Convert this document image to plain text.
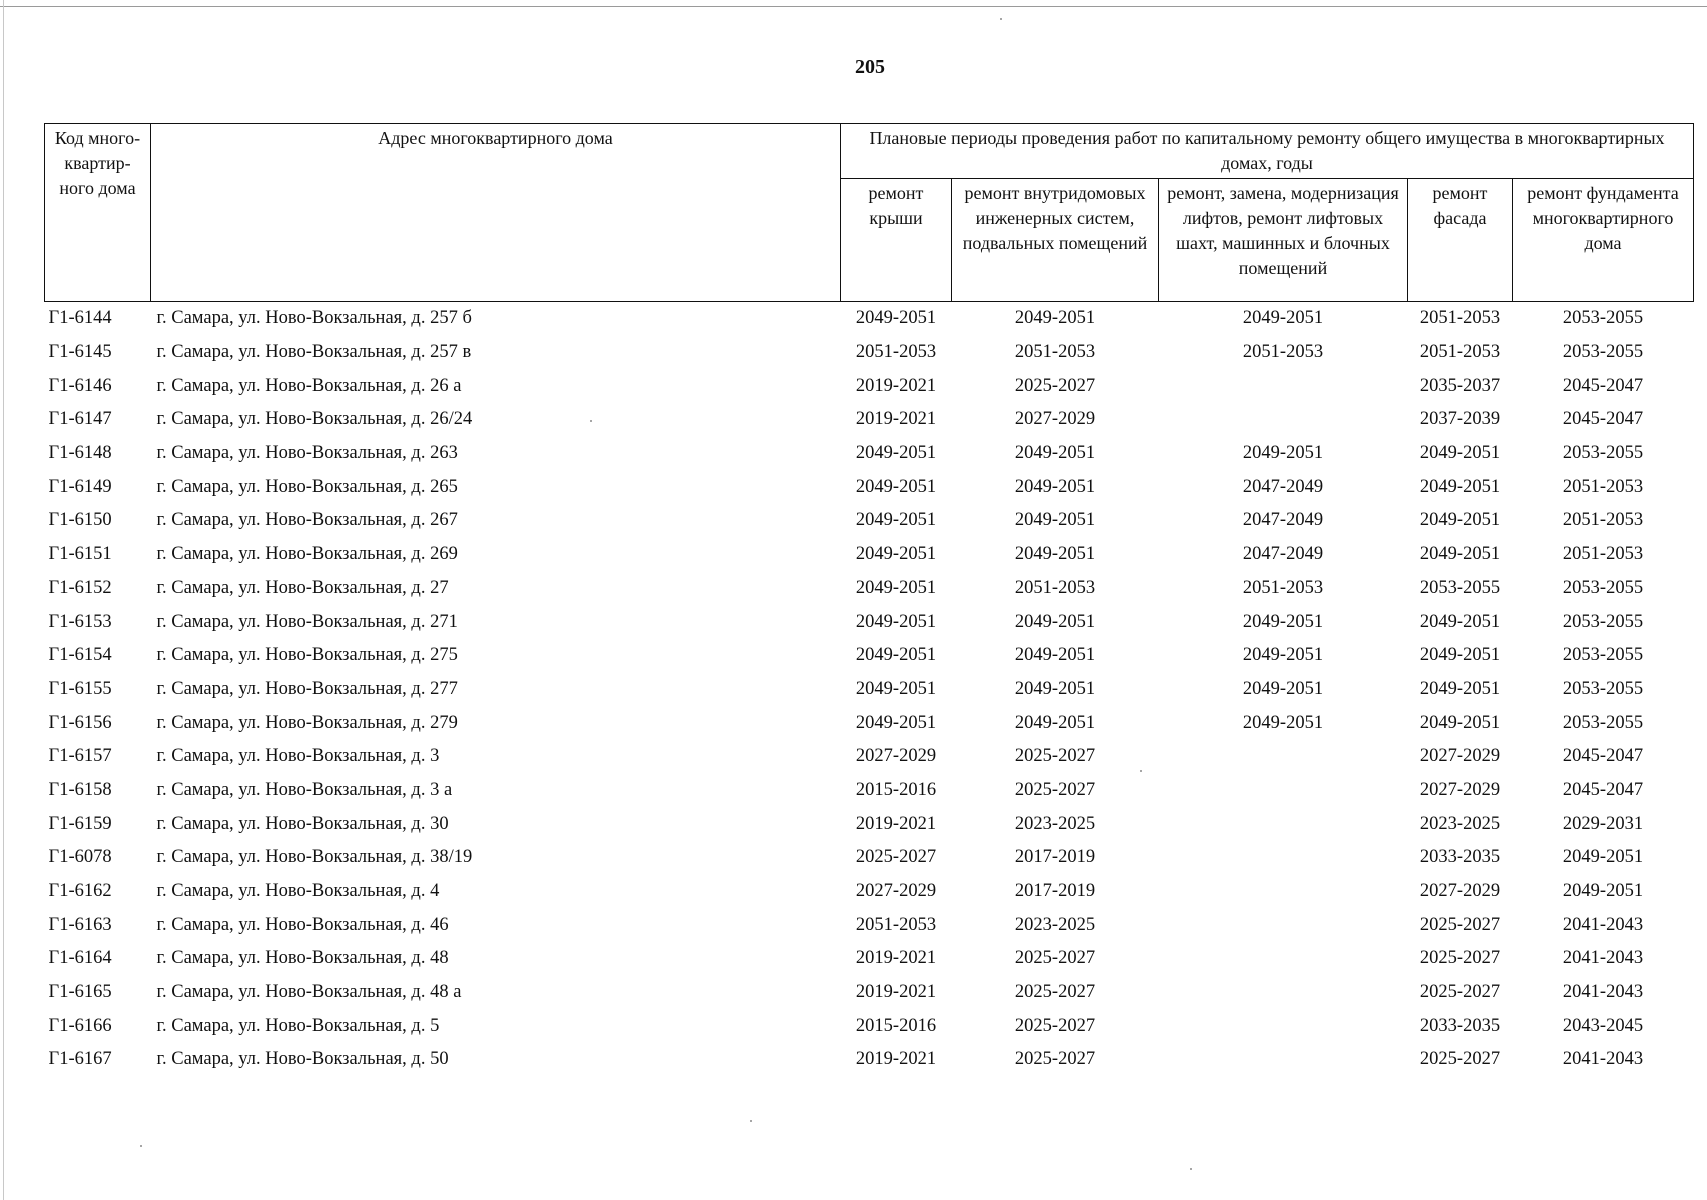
205
Код много-квартир-ного дома	Адрес многоквартирного дома	Плановые периоды проведения работ по капитальному ремонту общего имущества в многоквартирных домах, годы				
		ремонт крыши	ремонт внутридомовых инженерных систем, подвальных помещений	ремонт, замена, модернизация лифтов, ремонт лифтовых шахт, машинных и блочных помещений	ремонт фасада	ремонт фундамента многоквартирного дома
Г1-6144	г. Самара, ул. Ново-Вокзальная, д. 257 б	2049-2051	2049-2051	2049-2051	2051-2053	2053-2055
Г1-6145	г. Самара, ул. Ново-Вокзальная, д. 257 в	2051-2053	2051-2053	2051-2053	2051-2053	2053-2055
Г1-6146	г. Самара, ул. Ново-Вокзальная, д. 26 а	2019-2021	2025-2027		2035-2037	2045-2047
Г1-6147	г. Самара, ул. Ново-Вокзальная, д. 26/24	2019-2021	2027-2029		2037-2039	2045-2047
Г1-6148	г. Самара, ул. Ново-Вокзальная, д. 263	2049-2051	2049-2051	2049-2051	2049-2051	2053-2055
Г1-6149	г. Самара, ул. Ново-Вокзальная, д. 265	2049-2051	2049-2051	2047-2049	2049-2051	2051-2053
Г1-6150	г. Самара, ул. Ново-Вокзальная, д. 267	2049-2051	2049-2051	2047-2049	2049-2051	2051-2053
Г1-6151	г. Самара, ул. Ново-Вокзальная, д. 269	2049-2051	2049-2051	2047-2049	2049-2051	2051-2053
Г1-6152	г. Самара, ул. Ново-Вокзальная, д. 27	2049-2051	2051-2053	2051-2053	2053-2055	2053-2055
Г1-6153	г. Самара, ул. Ново-Вокзальная, д. 271	2049-2051	2049-2051	2049-2051	2049-2051	2053-2055
Г1-6154	г. Самара, ул. Ново-Вокзальная, д. 275	2049-2051	2049-2051	2049-2051	2049-2051	2053-2055
Г1-6155	г. Самара, ул. Ново-Вокзальная, д. 277	2049-2051	2049-2051	2049-2051	2049-2051	2053-2055
Г1-6156	г. Самара, ул. Ново-Вокзальная, д. 279	2049-2051	2049-2051	2049-2051	2049-2051	2053-2055
Г1-6157	г. Самара, ул. Ново-Вокзальная, д. 3	2027-2029	2025-2027		2027-2029	2045-2047
Г1-6158	г. Самара, ул. Ново-Вокзальная, д. 3 а	2015-2016	2025-2027		2027-2029	2045-2047
Г1-6159	г. Самара, ул. Ново-Вокзальная, д. 30	2019-2021	2023-2025		2023-2025	2029-2031
Г1-6078	г. Самара, ул. Ново-Вокзальная, д. 38/19	2025-2027	2017-2019		2033-2035	2049-2051
Г1-6162	г. Самара, ул. Ново-Вокзальная, д. 4	2027-2029	2017-2019		2027-2029	2049-2051
Г1-6163	г. Самара, ул. Ново-Вокзальная, д. 46	2051-2053	2023-2025		2025-2027	2041-2043
Г1-6164	г. Самара, ул. Ново-Вокзальная, д. 48	2019-2021	2025-2027		2025-2027	2041-2043
Г1-6165	г. Самара, ул. Ново-Вокзальная, д. 48 а	2019-2021	2025-2027		2025-2027	2041-2043
Г1-6166	г. Самара, ул. Ново-Вокзальная, д. 5	2015-2016	2025-2027		2033-2035	2043-2045
Г1-6167	г. Самара, ул. Ново-Вокзальная, д. 50	2019-2021	2025-2027		2025-2027	2041-2043
